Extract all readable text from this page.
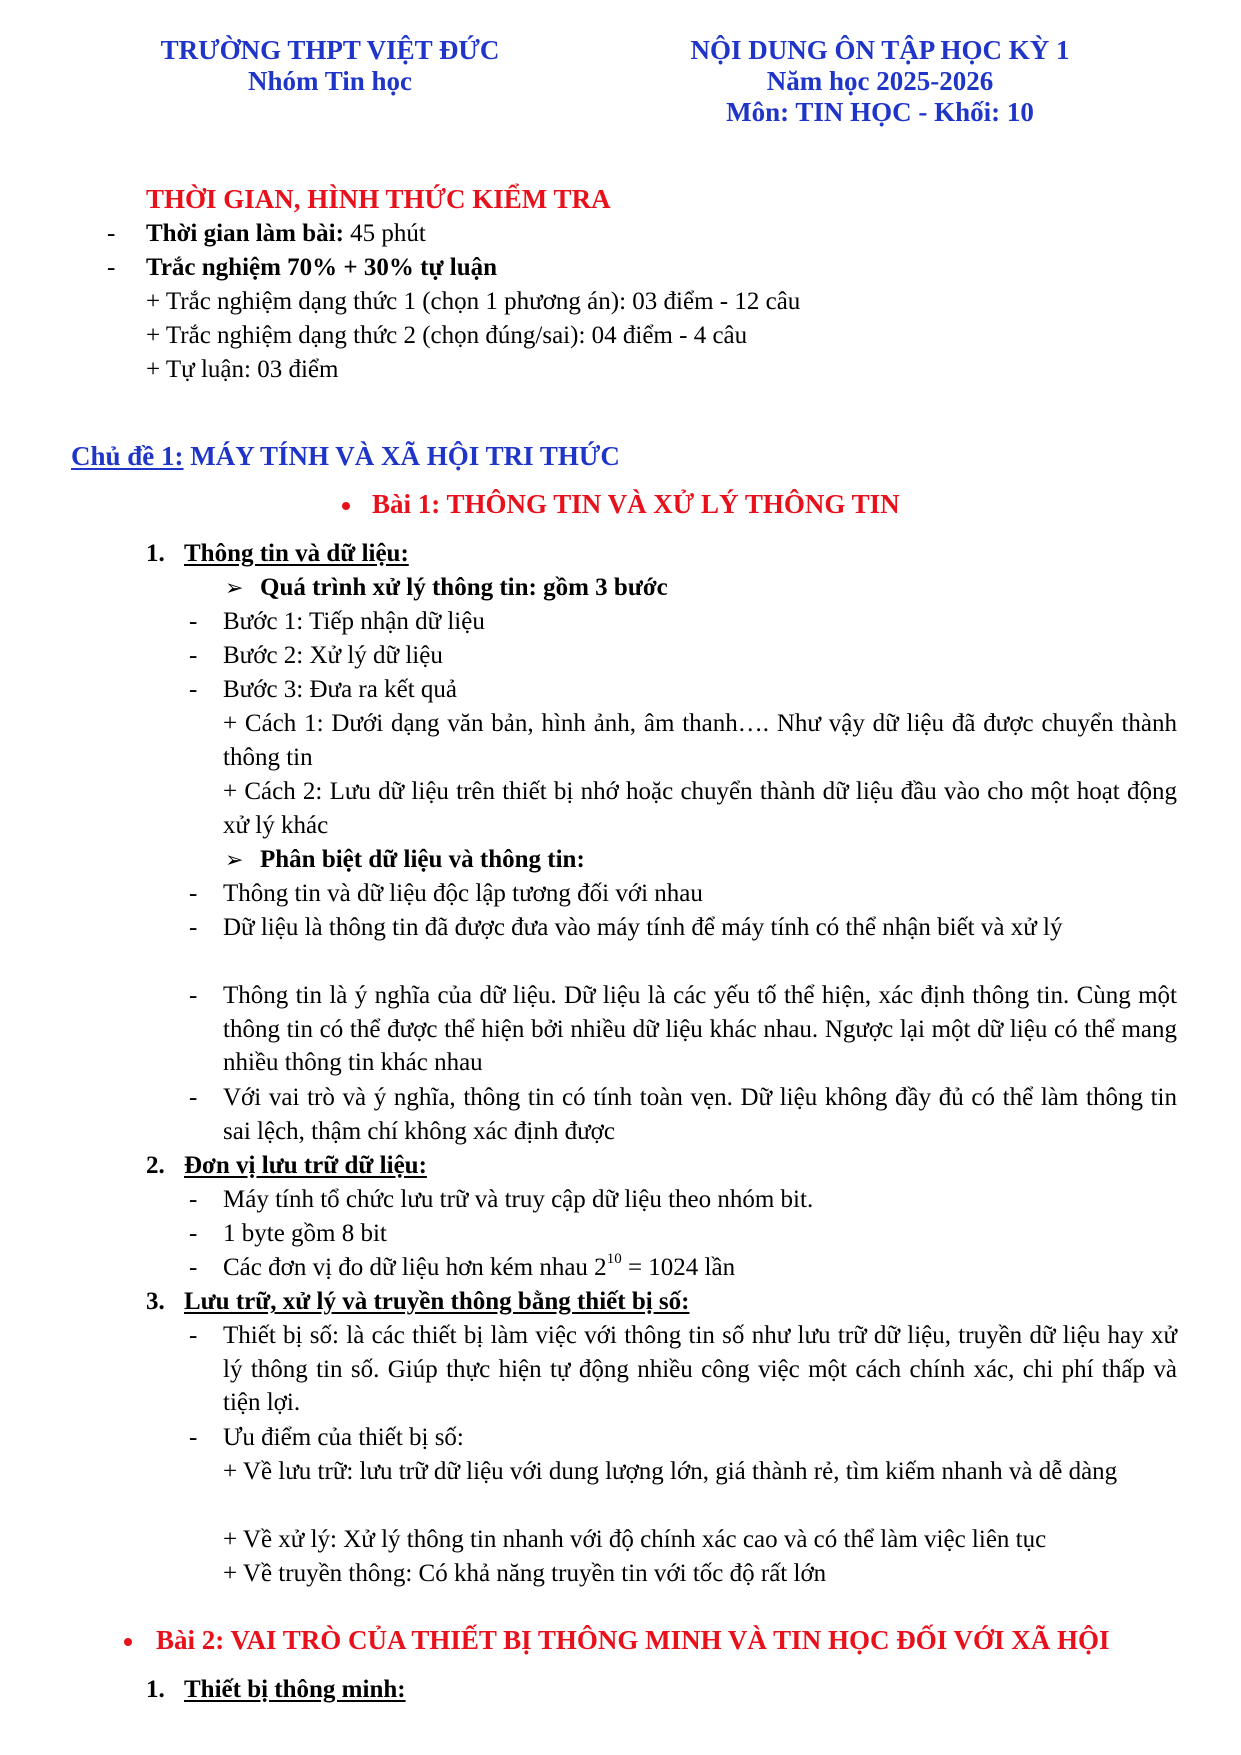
TRƯỜNG THPT VIỆT ĐỨC
Nhóm Tin học
NỘI DUNG ÔN TẬP HỌC KỲ 1
Năm học 2025-2026
Môn: TIN HỌC - Khối: 10
THỜI GIAN, HÌNH THỨC KIỂM TRA
- Thời gian làm bài: 45 phút
- Trắc nghiệm 70% + 30% tự luận
+ Trắc nghiệm dạng thức 1 (chọn 1 phương án): 03 điểm - 12 câu
+ Trắc nghiệm dạng thức 2 (chọn đúng/sai): 04 điểm - 4 câu
+ Tự luận: 03 điểm
Chủ đề 1: MÁY TÍNH VÀ XÃ HỘI TRI THỨC
Bài 1: THÔNG TIN VÀ XỬ LÝ THÔNG TIN
1. Thông tin và dữ liệu:
➢ Quá trình xử lý thông tin: gồm 3 bước
- Bước 1: Tiếp nhận dữ liệu
- Bước 2: Xử lý dữ liệu
- Bước 3: Đưa ra kết quả
+ Cách 1: Dưới dạng văn bản, hình ảnh, âm thanh…. Như vậy dữ liệu đã được chuyển thành thông tin
+ Cách 2: Lưu dữ liệu trên thiết bị nhớ hoặc chuyển thành dữ liệu đầu vào cho một hoạt động xử lý khác
➢ Phân biệt dữ liệu và thông tin:
- Thông tin và dữ liệu độc lập tương đối với nhau
- Dữ liệu là thông tin đã được đưa vào máy tính để máy tính có thể nhận biết và xử lý
- Thông tin là ý nghĩa của dữ liệu. Dữ liệu là các yếu tố thể hiện, xác định thông tin. Cùng một thông tin có thể được thể hiện bởi nhiều dữ liệu khác nhau. Ngược lại một dữ liệu có thể mang nhiều thông tin khác nhau
- Với vai trò và ý nghĩa, thông tin có tính toàn vẹn. Dữ liệu không đầy đủ có thể làm thông tin sai lệch, thậm chí không xác định được
2. Đơn vị lưu trữ dữ liệu:
- Máy tính tổ chức lưu trữ và truy cập dữ liệu theo nhóm bit.
- 1 byte gồm 8 bit
- Các đơn vị đo dữ liệu hơn kém nhau $2^{10} = 1024$ lần
3. Lưu trữ, xử lý và truyền thông bằng thiết bị số:
- Thiết bị số: là các thiết bị làm việc với thông tin số như lưu trữ dữ liệu, truyền dữ liệu hay xử lý thông tin số. Giúp thực hiện tự động nhiều công việc một cách chính xác, chi phí thấp và tiện lợi.
- Ưu điểm của thiết bị số:
+ Về lưu trữ: lưu trữ dữ liệu với dung lượng lớn, giá thành rẻ, tìm kiếm nhanh và dễ dàng
+ Về xử lý: Xử lý thông tin nhanh với độ chính xác cao và có thể làm việc liên tục
+ Về truyền thông: Có khả năng truyền tin với tốc độ rất lớn
Bài 2: VAI TRÒ CỦA THIẾT BỊ THÔNG MINH VÀ TIN HỌC ĐỐI VỚI XÃ HỘI
1. Thiết bị thông minh:
